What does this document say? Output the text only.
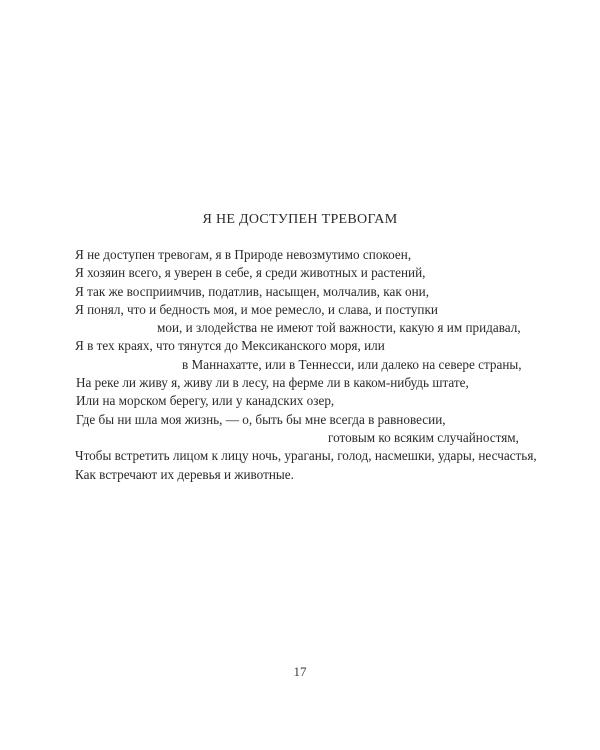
Я НЕ ДОСТУПЕН ТРЕВОГАМ
Я не доступен тревогам, я в Природе невозмутимо спокоен,
Я хозяин всего, я уверен в себе, я среди животных и растений,
Я так же восприимчив, податлив, насыщен, молчалив, как они,
Я понял, что и бедность моя, и мое ремесло, и слава, и поступки
мои, и злодейства не имеют той важности, какую я им придавал,
Я в тех краях, что тянутся до Мексиканского моря, или
в Маннахатте, или в Теннесси, или далеко на севере страны,
На реке ли живу я, живу ли в лесу, на ферме ли в каком-нибудь штате,
Или на морском берегу, или у канадских озер,
Где бы ни шла моя жизнь, — о, быть бы мне всегда в равновесии,
готовым ко всяким случайностям,
Чтобы встретить лицом к лицу ночь, ураганы, голод, насмешки, удары, несчастья,
Как встречают их деревья и животные.
17
